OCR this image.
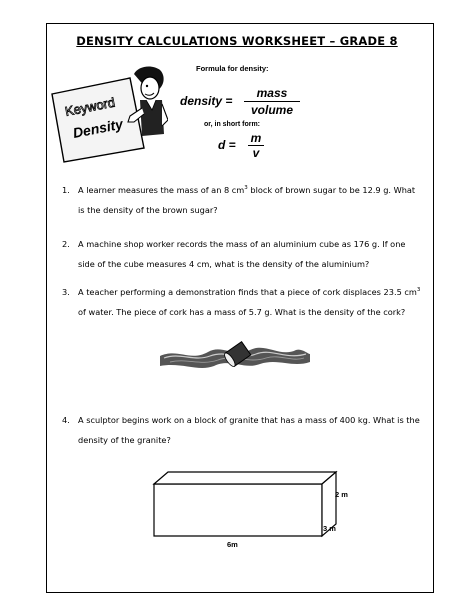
DENSITY CALCULATIONS WORKSHEET – GRADE 8
Keyword
Density
Formula for density:
density =
mass
volume
or, in short form:
$d = \frac{m}{v}$
1. A learner measures the mass of an 8 $cm^3$ block of brown sugar to be 12.9 g. What is the density of the brown sugar?
2. A machine shop worker records the mass of an aluminium cube as 176 g. If one side of the cube measures 4 cm, what is the density of the aluminium?
3. A teacher performing a demonstration finds that a piece of cork displaces 23.5 $cm^3$ of water. The piece of cork has a mass of 5.7 g. What is the density of the cork?
4. A sculptor begins work on a block of granite that has a mass of 400 kg. What is the density of the granite?
2 m
3 m
6m
